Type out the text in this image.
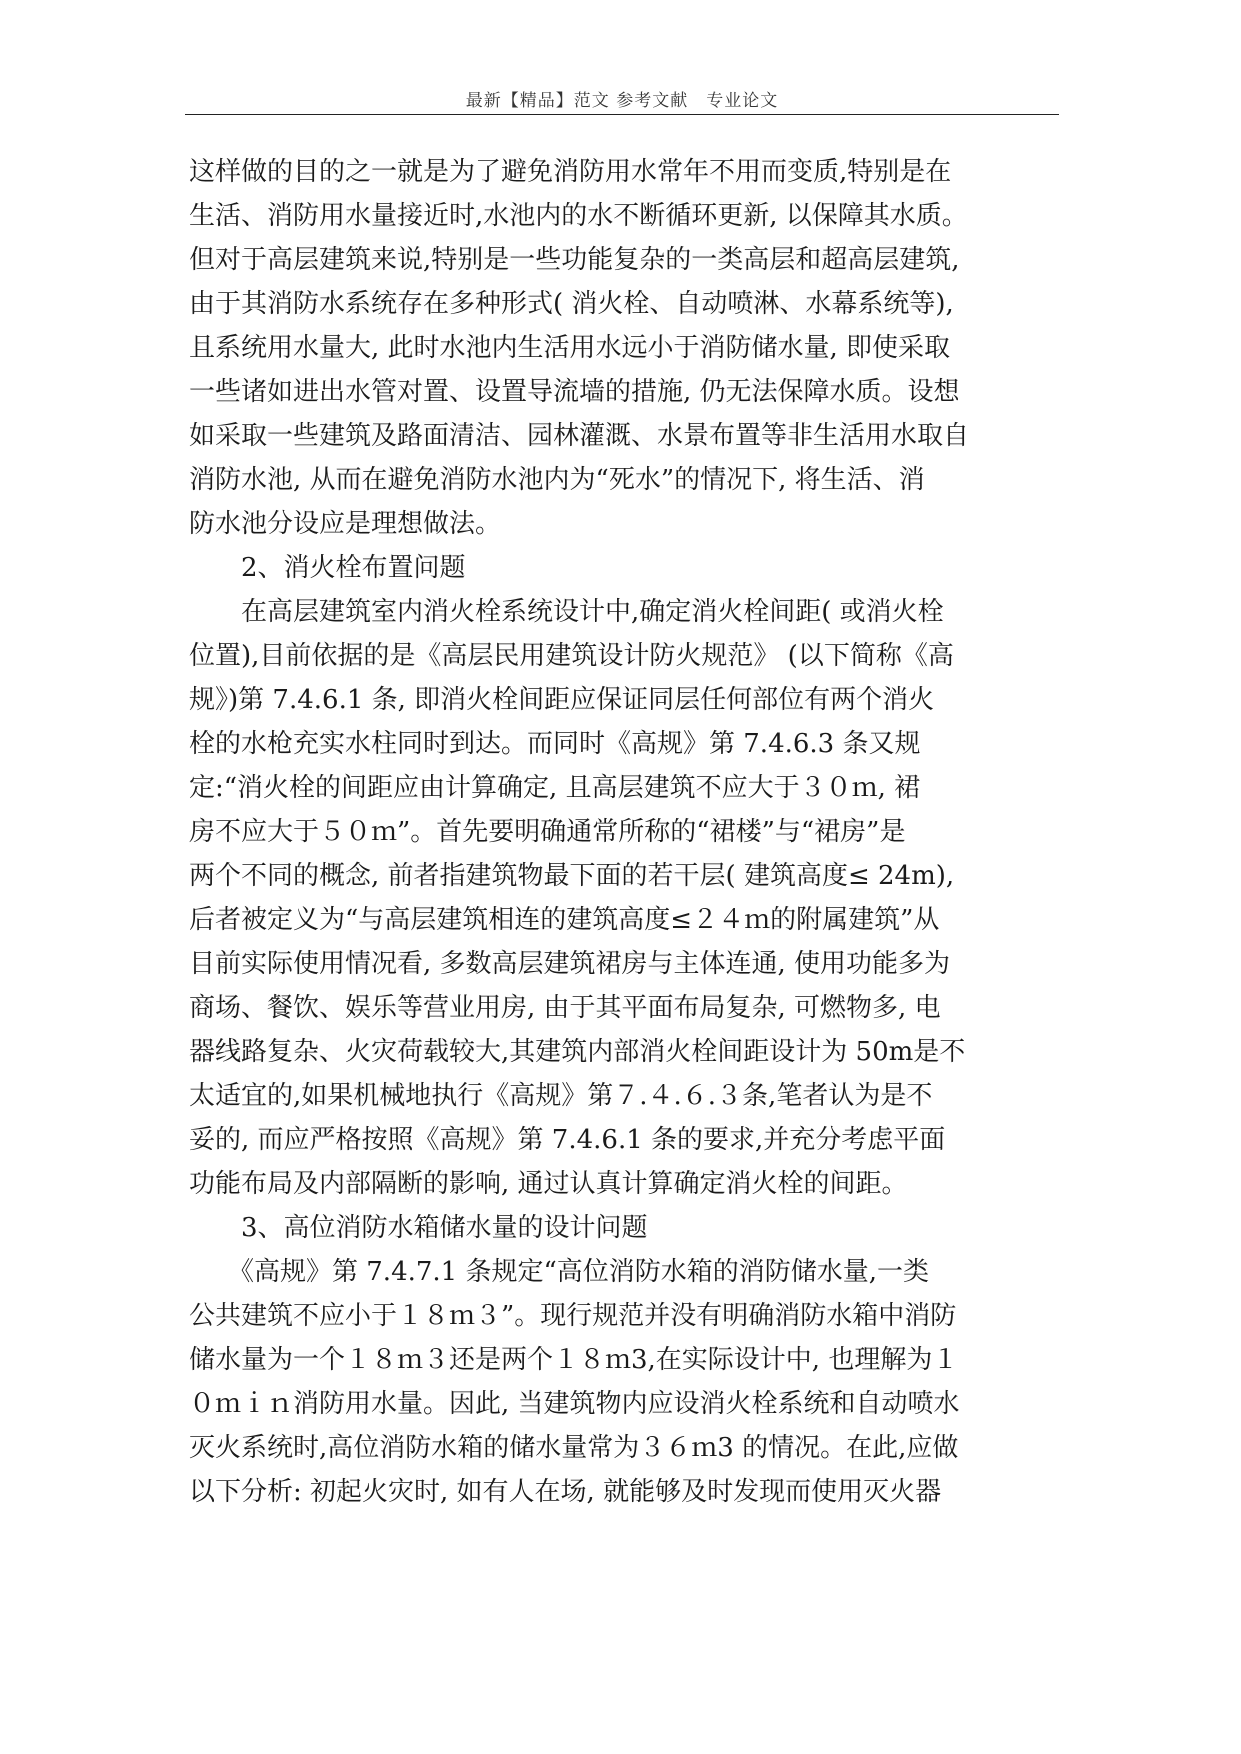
最新【精品】范文 参考文献　专业论文
这样做的目的之一就是为了避免消防用水常年不用而变质,特别是在
生活、消防用水量接近时,水池内的水不断循环更新, 以保障其水质。
但对于高层建筑来说,特别是一些功能复杂的一类高层和超高层建筑,
由于其消防水系统存在多种形式( 消火栓、自动喷淋、水幕系统等),
且系统用水量大, 此时水池内生活用水远小于消防储水量, 即使采取
一些诸如进出水管对置、设置导流墙的措施, 仍无法保障水质。设想
如采取一些建筑及路面清洁、园林灌溉、水景布置等非生活用水取自
消防水池, 从而在避免消防水池内为“死水”的情况下, 将生活、消
防水池分设应是理想做法。
　　2、消火栓布置问题
　　在高层建筑室内消火栓系统设计中,确定消火栓间距( 或消火栓
位置),目前依据的是《高层民用建筑设计防火规范》 (以下简称《高
规》)第 7.4.6.1 条, 即消火栓间距应保证同层任何部位有两个消火
栓的水枪充实水柱同时到达。而同时《高规》第 7.4.6.3 条又规
定:“消火栓的间距应由计算确定, 且高层建筑不应大于３０ｍ, 裙
房不应大于５０ｍ”。首先要明确通常所称的“裙楼”与“裙房”是
两个不同的概念, 前者指建筑物最下面的若干层( 建筑高度≤ 24m),
后者被定义为“与高层建筑相连的建筑高度≤２４ｍ的附属建筑”从
目前实际使用情况看, 多数高层建筑裙房与主体连通, 使用功能多为
商场、餐饮、娱乐等营业用房, 由于其平面布局复杂, 可燃物多, 电
器线路复杂、火灾荷载较大,其建筑内部消火栓间距设计为 50m是不
太适宜的,如果机械地执行《高规》第７.４.６.３条,笔者认为是不
妥的, 而应严格按照《高规》第 7.4.6.1 条的要求,并充分考虑平面
功能布局及内部隔断的影响, 通过认真计算确定消火栓的间距。
　　3、高位消防水箱储水量的设计问题
　　《高规》第 7.4.7.1 条规定“高位消防水箱的消防储水量,一类
公共建筑不应小于１８ｍ３”。现行规范并没有明确消防水箱中消防
储水量为一个１８ｍ３还是两个１８ｍ3,在实际设计中, 也理解为１
０ｍｉｎ消防用水量。因此, 当建筑物内应设消火栓系统和自动喷水
灭火系统时,高位消防水箱的储水量常为３６ｍ3 的情况。在此,应做
以下分析: 初起火灾时, 如有人在场, 就能够及时发现而使用灭火器
